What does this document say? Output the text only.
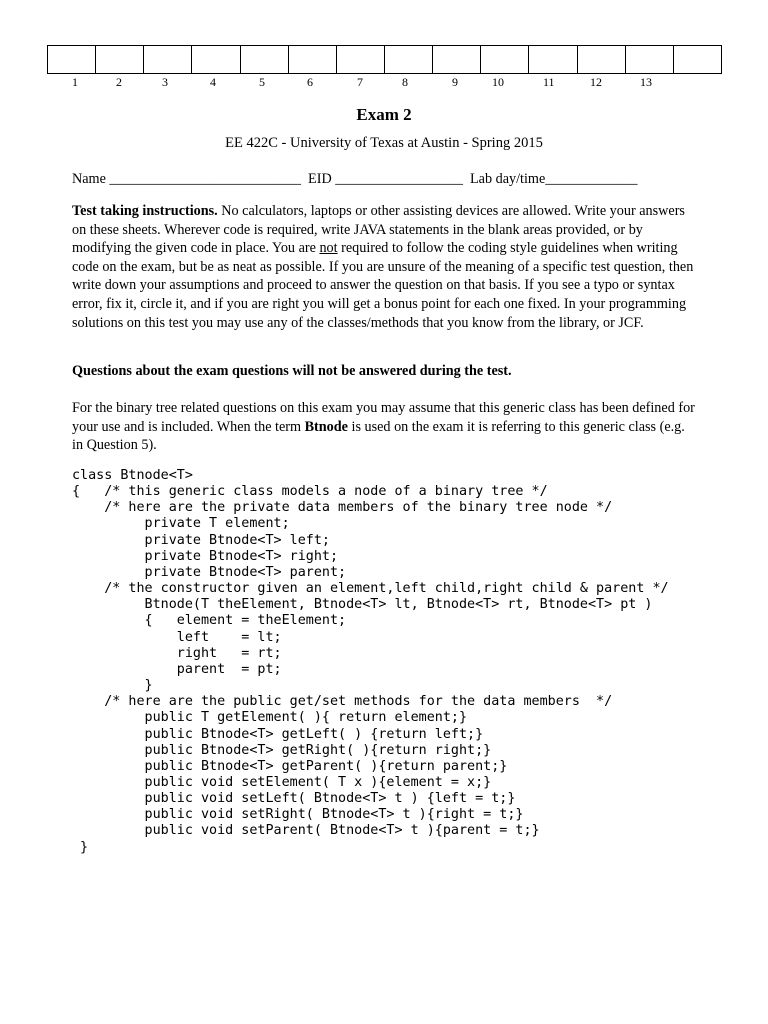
1	2	3	4	5	6	7	8	9	10	11	12	13
Exam 2
EE 422C - University of Texas at Austin - Spring 2015
Name ___________________________  EID __________________  Lab day/time_____________
Test taking instructions. No calculators, laptops or other assisting devices are allowed. Write your answers on these sheets. Wherever code is required, write JAVA statements in the blank areas provided, or by modifying the given code in place. You are not required to follow the coding style guidelines when writing code on the exam, but be as neat as possible. If you are unsure of the meaning of a specific test question, then write down your assumptions and proceed to answer the question on that basis. If you see a typo or syntax error, fix it, circle it, and if you are right you will get a bonus point for each one fixed. In your programming solutions on this test you may use any of the classes/methods that you know from the library, or JCF.
Questions about the exam questions will not be answered during the test.
For the binary tree related questions on this exam you may assume that this generic class has been defined for your use and is included. When the term Btnode is used on the exam it is referring to this generic class (e.g. in Question 5).
class Btnode<T>
{   /* this generic class models a node of a binary tree */
/* here are the private data members of the binary tree node */
private T element;
private Btnode<T> left;
private Btnode<T> right;
private Btnode<T> parent;
/* the constructor given an element,left child,right child & parent */
Btnode(T theElement, Btnode<T> lt, Btnode<T> rt, Btnode<T> pt )
{   element = theElement;
left    = lt;
right   = rt;
parent  = pt;
}
/* here are the public get/set methods for the data members  */
public T getElement( ){ return element;}
public Btnode<T> getLeft( ) {return left;}
public Btnode<T> getRight( ){return right;}
public Btnode<T> getParent( ){return parent;}
public void setElement( T x ){element = x;}
public void setLeft( Btnode<T> t ) {left = t;}
public void setRight( Btnode<T> t ){right = t;}
public void setParent( Btnode<T> t ){parent = t;}
}
